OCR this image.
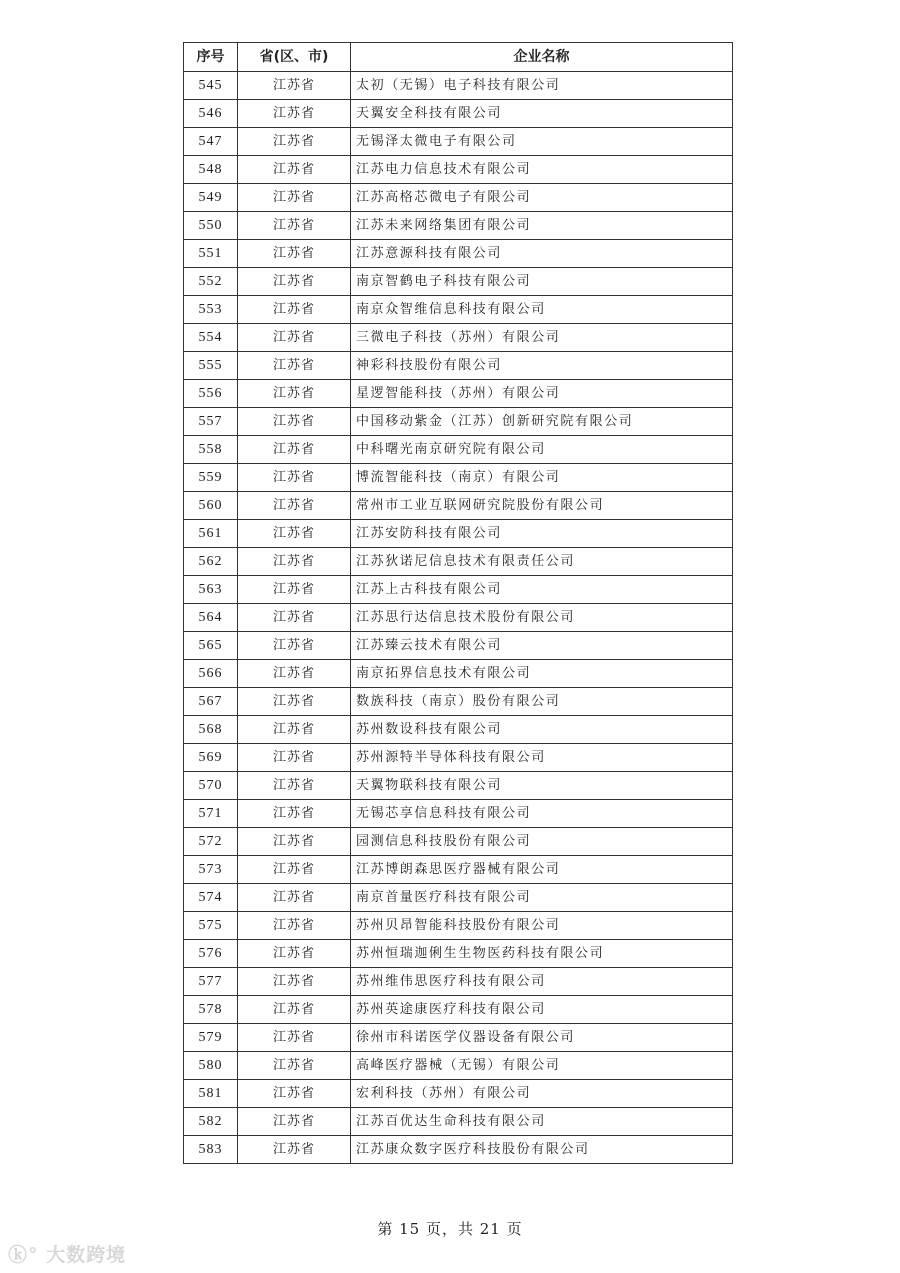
序号	省(区、市)	企业名称
545	江苏省	太初（无锡）电子科技有限公司
546	江苏省	天翼安全科技有限公司
547	江苏省	无锡泽太微电子有限公司
548	江苏省	江苏电力信息技术有限公司
549	江苏省	江苏高格芯微电子有限公司
550	江苏省	江苏未来网络集团有限公司
551	江苏省	江苏意源科技有限公司
552	江苏省	南京智鹤电子科技有限公司
553	江苏省	南京众智维信息科技有限公司
554	江苏省	三微电子科技（苏州）有限公司
555	江苏省	神彩科技股份有限公司
556	江苏省	星逻智能科技（苏州）有限公司
557	江苏省	中国移动紫金（江苏）创新研究院有限公司
558	江苏省	中科曙光南京研究院有限公司
559	江苏省	博流智能科技（南京）有限公司
560	江苏省	常州市工业互联网研究院股份有限公司
561	江苏省	江苏安防科技有限公司
562	江苏省	江苏狄诺尼信息技术有限责任公司
563	江苏省	江苏上古科技有限公司
564	江苏省	江苏思行达信息技术股份有限公司
565	江苏省	江苏臻云技术有限公司
566	江苏省	南京拓界信息技术有限公司
567	江苏省	数族科技（南京）股份有限公司
568	江苏省	苏州数设科技有限公司
569	江苏省	苏州源特半导体科技有限公司
570	江苏省	天翼物联科技有限公司
571	江苏省	无锡芯享信息科技有限公司
572	江苏省	园测信息科技股份有限公司
573	江苏省	江苏博朗森思医疗器械有限公司
574	江苏省	南京首量医疗科技有限公司
575	江苏省	苏州贝昂智能科技股份有限公司
576	江苏省	苏州恒瑞迦俐生生物医药科技有限公司
577	江苏省	苏州维伟思医疗科技有限公司
578	江苏省	苏州英途康医疗科技有限公司
579	江苏省	徐州市科诺医学仪器设备有限公司
580	江苏省	高峰医疗器械（无锡）有限公司
581	江苏省	宏利科技（苏州）有限公司
582	江苏省	江苏百优达生命科技有限公司
583	江苏省	江苏康众数字医疗科技股份有限公司
第 15 页，共 21 页
ⓚ° 大数跨境
